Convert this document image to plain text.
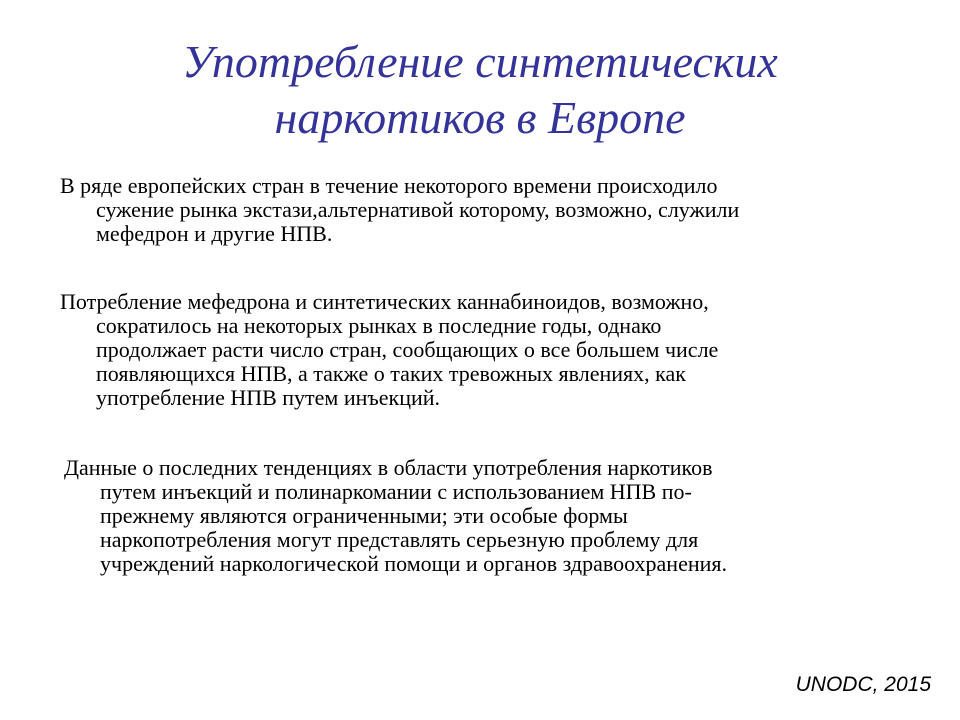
Употребление синтетических
наркотиков в Европе
В ряде европейских стран в течение некоторого времени происходило
сужение рынка экстази,альтернативой которому, возможно, служили
мефедрон и другие НПВ.
Потребление мефедрона и синтетических каннабиноидов, возможно,
сократилось на некоторых рынках в последние годы, однако
продолжает расти число стран, сообщающих о все большем числе
появляющихся НПВ, а также о таких тревожных явлениях, как
употребление НПВ путем инъекций.
Данные о последних тенденциях в области употребления наркотиков
путем инъекций и полинаркомании с использованием НПВ по-
прежнему являются ограниченными; эти особые формы
наркопотребления могут представлять серьезную проблему для
учреждений наркологической помощи и органов здравоохранения.
UNODC, 2015
